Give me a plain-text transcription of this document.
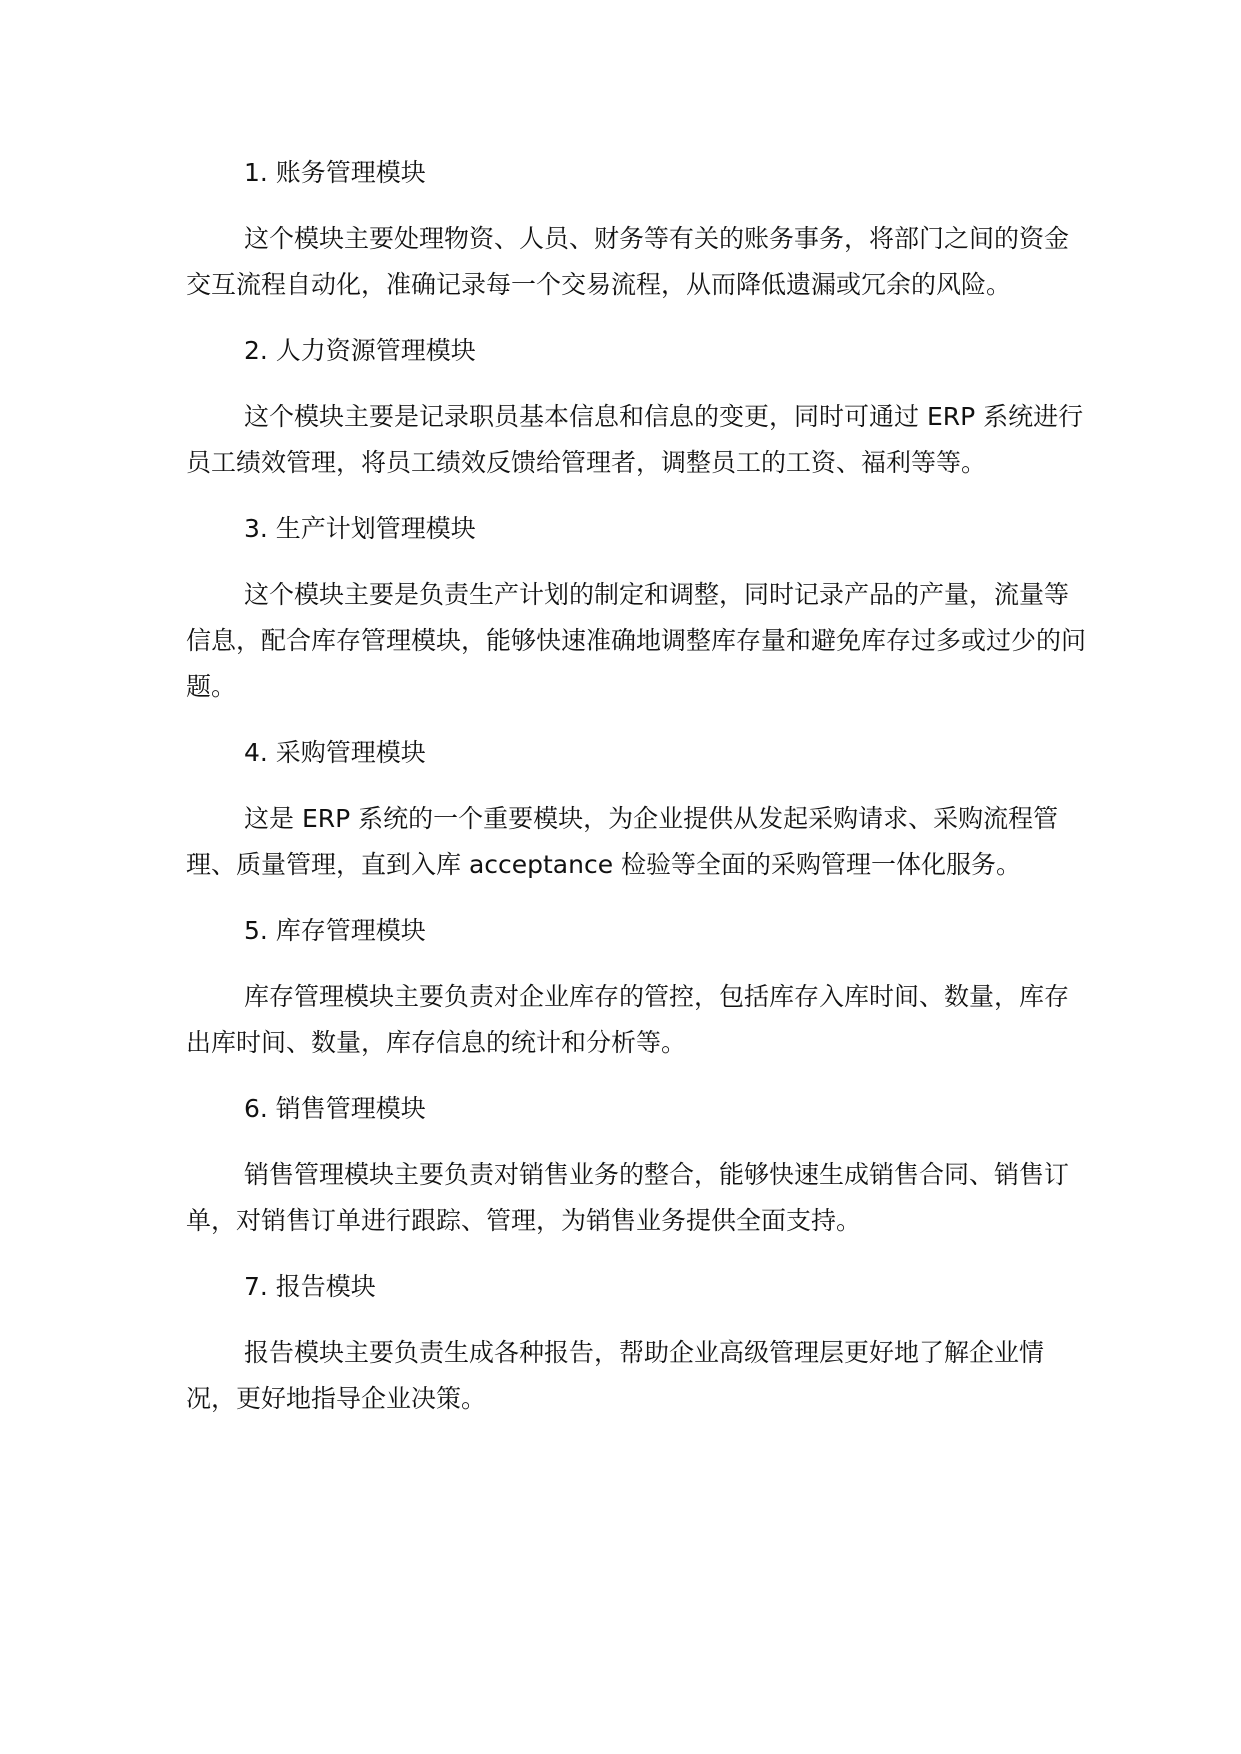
1. 账务管理模块

这个模块主要处理物资、人员、财务等有关的账务事务，将部门之间的资金交互流程自动化，准确记录每一个交易流程，从而降低遗漏或冗余的风险。

2. 人力资源管理模块

这个模块主要是记录职员基本信息和信息的变更，同时可通过 ERP 系统进行员工绩效管理，将员工绩效反馈给管理者，调整员工的工资、福利等等。

3. 生产计划管理模块

这个模块主要是负责生产计划的制定和调整，同时记录产品的产量，流量等信息，配合库存管理模块，能够快速准确地调整库存量和避免库存过多或过少的问题。

4. 采购管理模块

这是 ERP 系统的一个重要模块，为企业提供从发起采购请求、采购流程管理、质量管理，直到入库 acceptance 检验等全面的采购管理一体化服务。

5. 库存管理模块

库存管理模块主要负责对企业库存的管控，包括库存入库时间、数量，库存出库时间、数量，库存信息的统计和分析等。

6. 销售管理模块

销售管理模块主要负责对销售业务的整合，能够快速生成销售合同、销售订单，对销售订单进行跟踪、管理，为销售业务提供全面支持。

7. 报告模块

报告模块主要负责生成各种报告，帮助企业高级管理层更好地了解企业情况，更好地指导企业决策。
